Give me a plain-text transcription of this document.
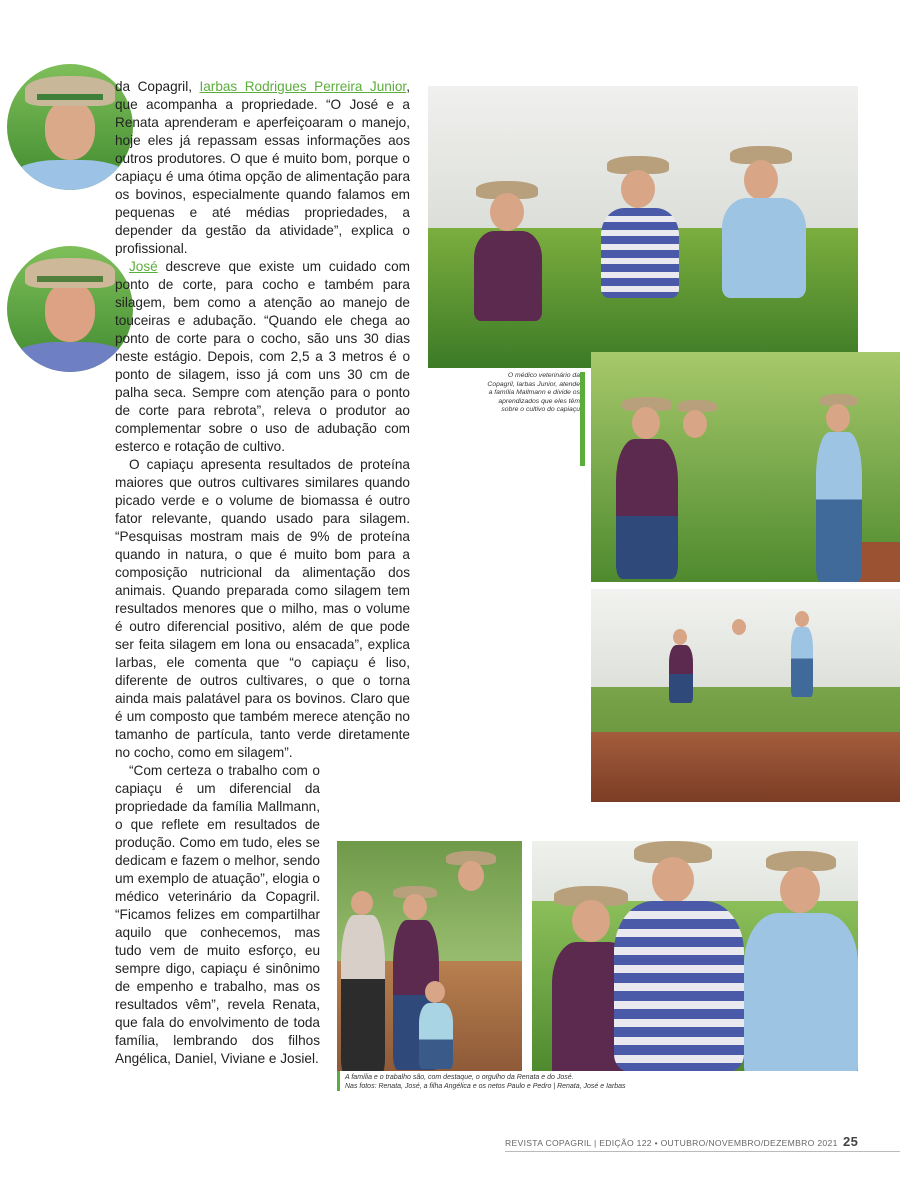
da Copagril, Iarbas Rodrigues Perreira Junior, que acompanha a propriedade. “O José e a Renata aprenderam e aperfeiçoaram o manejo, hoje eles já repassam essas informações aos outros produtores. O que é muito bom, porque o capiaçu é uma ótima opção de alimentação para os bovinos, especialmente quando falamos em pequenas e até médias propriedades, a depender da gestão da atividade”, explica o profissional.

José descreve que existe um cuidado com ponto de corte, para cocho e também para silagem, bem como a atenção ao manejo de touceiras e adubação. “Quando ele chega ao ponto de corte para o cocho, são uns 30 dias neste estágio. Depois, com 2,5 a 3 metros é o ponto de silagem, isso já com uns 30 cm de palha seca. Sempre com atenção para o ponto de corte para rebrota”, releva o produtor ao complementar sobre o uso de adubação com esterco e rotação de cultivo.

O capiaçu apresenta resultados de proteína maiores que outros cultivares similares quando picado verde e o volume de biomassa é outro fator relevante, quando usado para silagem. “Pesquisas mostram mais de 9% de proteína quando in natura, o que é muito bom para a composição nutricional da alimentação dos animais. Quando preparada como silagem tem resultados menores que o milho, mas o volume é outro diferencial positivo, além de que pode ser feita silagem em lona ou ensacada”, explica Iarbas, ele comenta que “o capiaçu é liso, diferente de outros cultivares, o que o torna ainda mais palatável para os bovinos. Claro que é um composto que também merece atenção no tamanho de partícula, tanto verde diretamente no cocho, como em silagem”.

“Com certeza o trabalho com o capiaçu é um diferencial da propriedade da família Mallmann, o que reflete em resultados de produção. Como em tudo, eles se dedicam e fazem o melhor, sendo um exemplo de atuação”, elogia o médico veterinário da Copagril. “Ficamos felizes em compartilhar aquilo que conhecemos, mas tudo vem de muito esforço, eu sempre digo, capiaçu é sinônimo de empenho e trabalho, mas os resultados vêm”, revela Renata, que fala do envolvimento de toda família, lembrando dos filhos Angélica, Daniel, Viviane e Josiel.

O médico veterinário da Copagril, Iarbas Junior, atende a família Mallmann e divide os aprendizados que eles têm sobre o cultivo do capiaçu
A família e o trabalho são, com destaque, o orgulho da Renata e do José.
Nas fotos: Renata, José, a filha Angélica e os netos Paulo e Pedro | Renata, José e Iarbas
REVISTA COPAGRIL | EDIÇÃO 122 • OUTUBRO/NOVEMBRO/DEZEMBRO 2021 25
